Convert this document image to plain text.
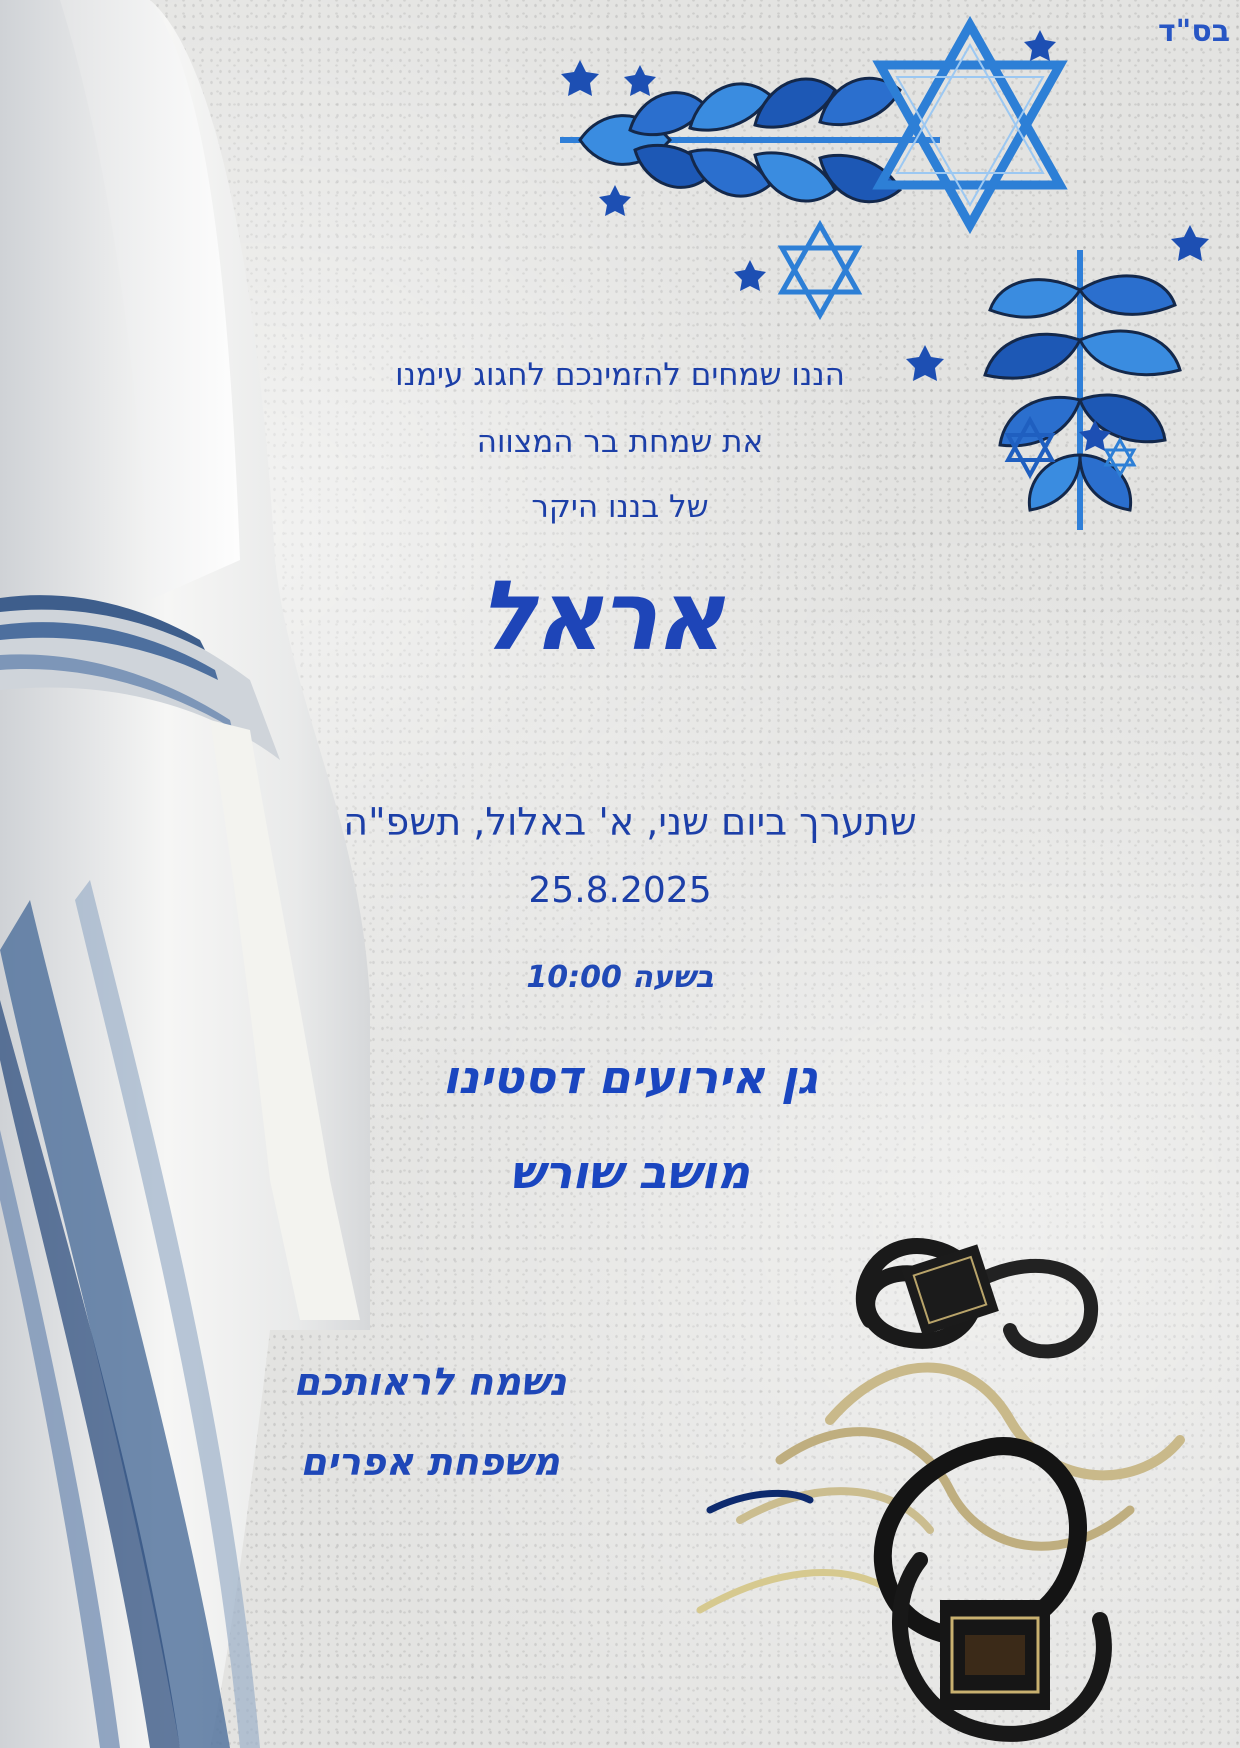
בס"ד
הננו שמחים להזמינכם לחגוג עימנו
את שמחת בר המצווה
של בננו היקר
אראל
שתערך ביום שני, א' באלול, תשפ"ה
25.8.2025
בשעה 10:00
גן אירועים דסטינו
מושב שורש
נשמח לראותכם
משפחת אפרים
